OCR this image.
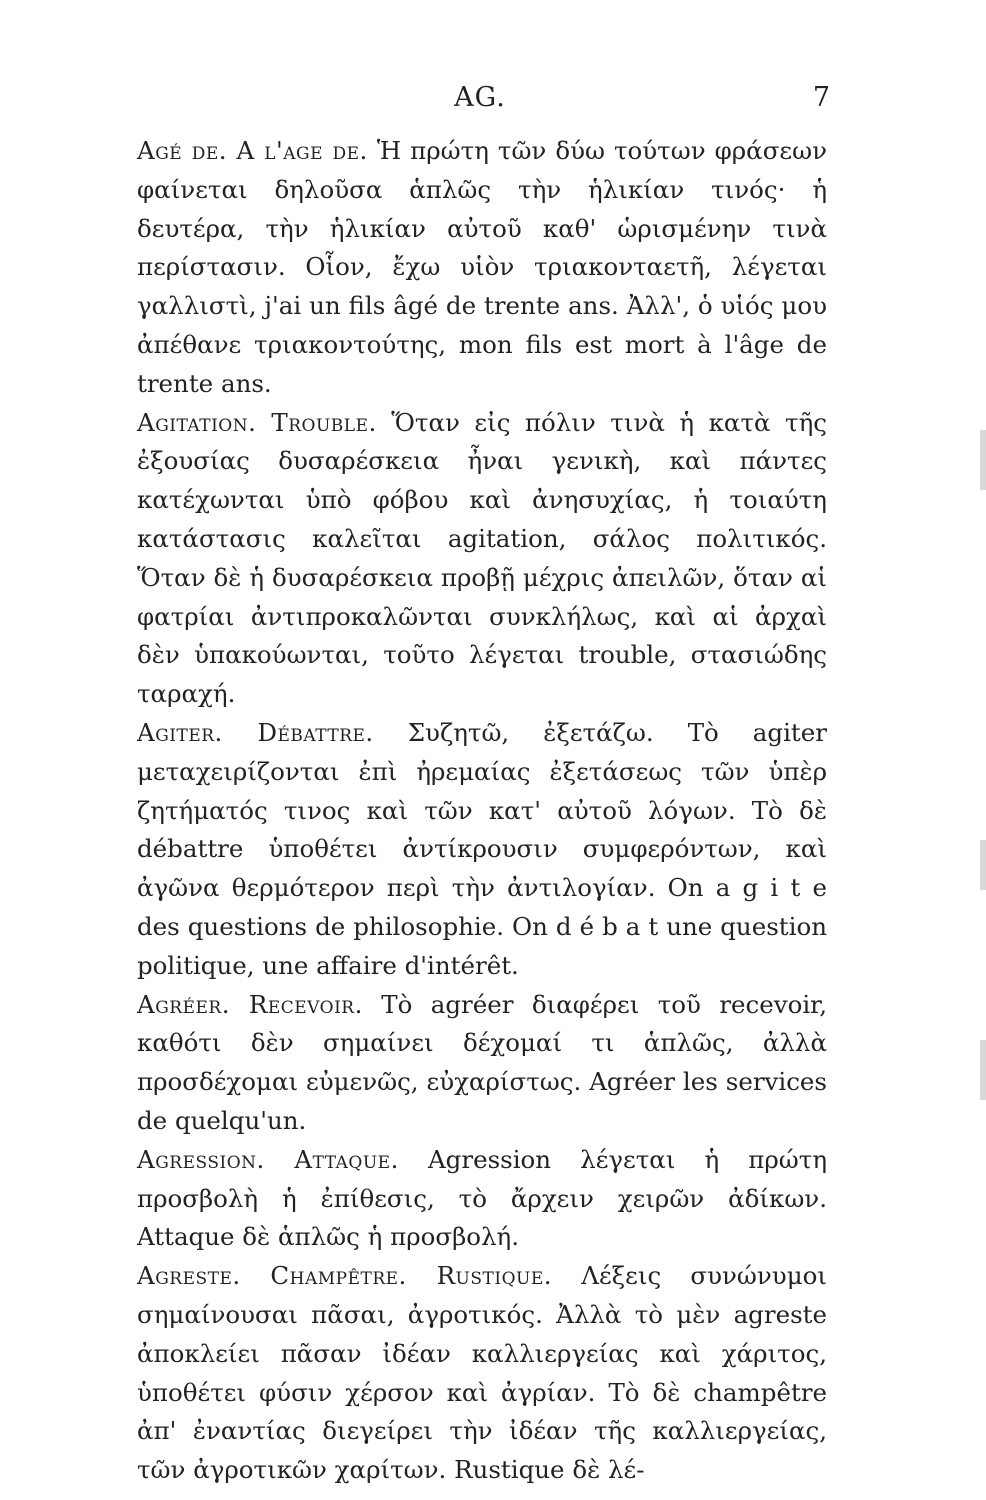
AG.	7

Agé de. A l'age de. Ἡ πρώτη τῶν δύω τούτων φράσεων φαίνεται δηλοῦσα ἁπλῶς τὴν ἡλικίαν τινός· ἡ δευτέρα, τὴν ἡλικίαν αὐτοῦ καθ' ὡρισμένην τινὰ περίστασιν. Οἷον, ἔχω υἱὸν τριακονταετῆ, λέγεται γαλλιστὶ, j'ai un fils âgé de trente ans. Ἀλλ', ὁ υἱός μου ἀπέθανε τριακοντούτης, mon fils est mort à l'âge de trente ans.

Agitation. Trouble. Ὅταν εἰς πόλιν τινὰ ἡ κατὰ τῆς ἐξουσίας δυσαρέσκεια ἦναι γενικὴ, καὶ πάντες κατέχωνται ὑπὸ φόβου καὶ ἀνησυχίας, ἡ τοιαύτη κατάστασις καλεῖται agitation, σάλος πολιτικός. Ὅταν δὲ ἡ δυσαρέσκεια προβῇ μέχρις ἀπειλῶν, ὅταν αἱ φατρίαι ἀντιπροκαλῶνται συνκλήλως, καὶ αἱ ἀρχαὶ δὲν ὑπακούωνται, τοῦτο λέγεται trouble, στασιώδης ταραχή.

Agiter. Débattre. Συζητῶ, ἐξετάζω. Τὸ agiter μεταχειρίζονται ἐπὶ ἠρεμαίας ἐξετάσεως τῶν ὑπὲρ ζητήματός τινος καὶ τῶν κατ' αὐτοῦ λόγων. Τὸ δὲ débattre ὑποθέτει ἀντίκρουσιν συμφερόντων, καὶ ἀγῶνα θερμότερον περὶ τὴν ἀντιλογίαν. On a g i t e des questions de philosophie. On d é b a t une question politique, une affaire d'intérêt.

Agréer. Recevoir. Τὸ agréer διαφέρει τοῦ recevoir, καθότι δὲν σημαίνει δέχομαί τι ἁπλῶς, ἀλλὰ προσδέχομαι εὐμενῶς, εὐχαρίστως. Agréer les services de quelqu'un.

Agression. Attaque. Agression λέγεται ἡ πρώτη προσβολὴ ἡ ἐπίθεσις, τὸ ἄρχειν χειρῶν ἀδίκων. Attaque δὲ ἁπλῶς ἡ προσβολή.

Agreste. Champêtre. Rustique. Λέξεις συνώνυμοι σημαίνουσαι πᾶσαι, ἀγροτικός. Ἀλλὰ τὸ μὲν agreste ἀποκλείει πᾶσαν ἰδέαν καλλιεργείας καὶ χάριτος, ὑποθέτει φύσιν χέρσον καὶ ἀγρίαν. Τὸ δὲ champêtre ἀπ' ἐναντίας διεγείρει τὴν ἰδέαν τῆς καλλιεργείας, τῶν ἀγροτικῶν χαρίτων. Rustique δὲ λέ-
